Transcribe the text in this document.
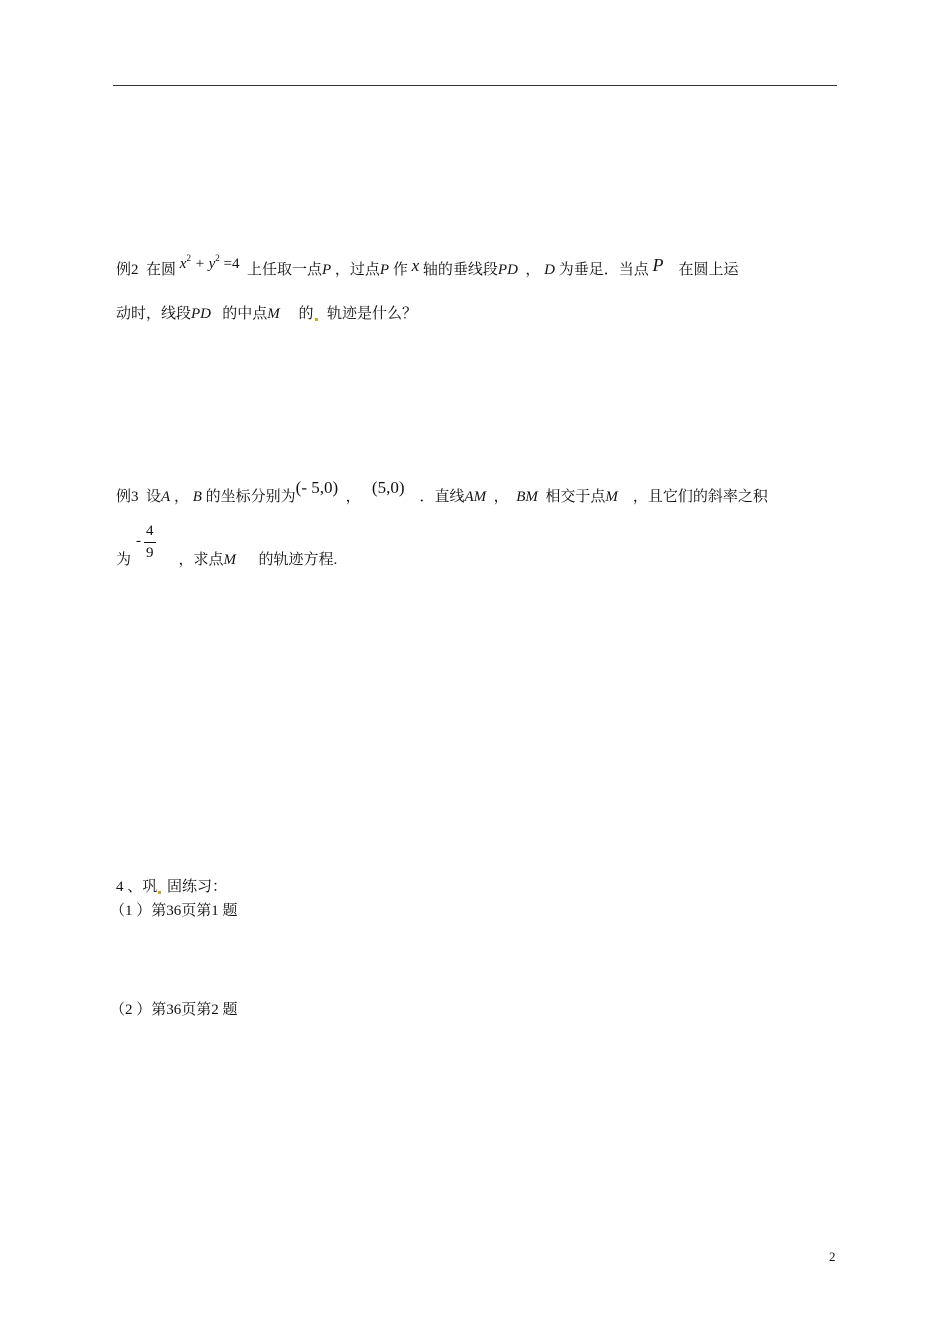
例2 在圆 $x^2 + y^2 =4$ 上任取一点P ，过点P 作 x 轴的垂线段PD ， D 为垂足．当点 P 在圆上运
动时，线段PD 的中点M 的 轨迹是什么？
例3 设A ， B 的坐标分别为(- 5,0) ， (5,0) ．直线AM ， BM 相交于点M ，且它们的斜率之积
-
4
9
为	，求点M 的轨迹方程.
4 、巩 固练习：
（1 ）第36页第1 题
（2 ）第36页第2 题
2
